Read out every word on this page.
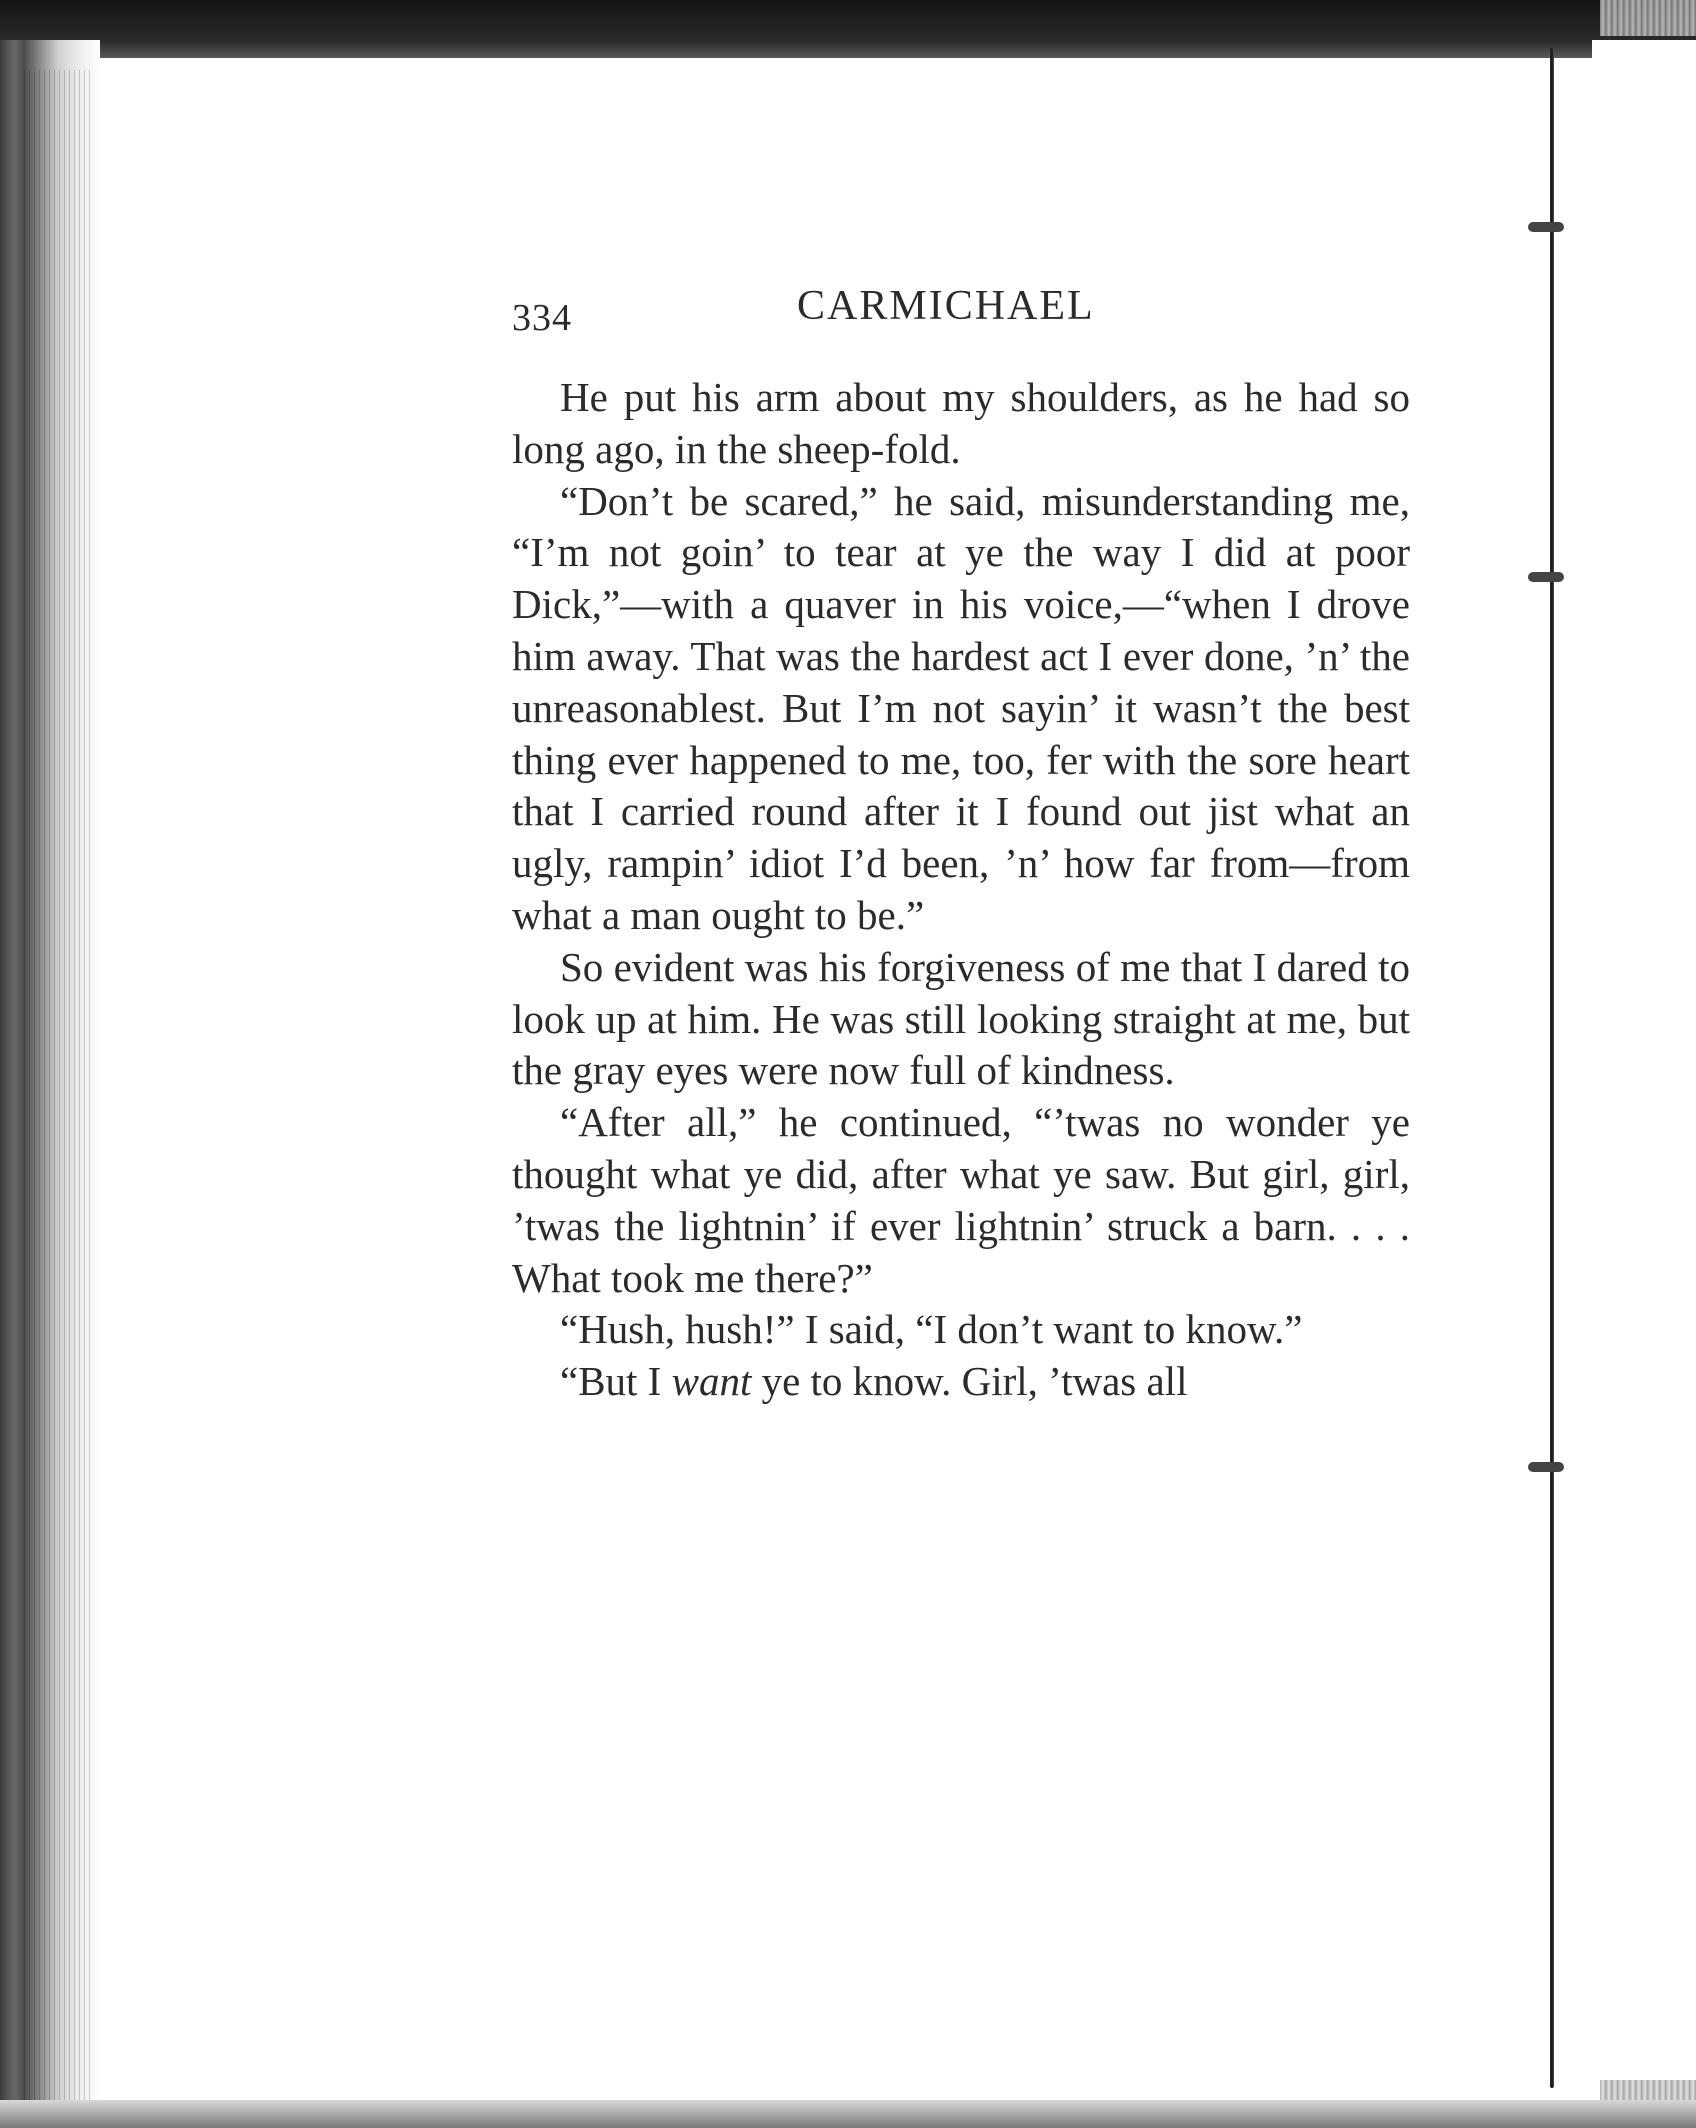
334	CARMICHAEL

He put his arm about my shoulders, as he had so long ago, in the sheep-fold.

“Don’t be scared,” he said, misunderstanding me, “I’m not goin’ to tear at ye the way I did at poor Dick,”—with a quaver in his voice,—“when I drove him away. That was the hardest act I ever done, ’n’ the unreasonablest. But I’m not sayin’ it wasn’t the best thing ever happened to me, too, fer with the sore heart that I carried round after it I found out jist what an ugly, rampin’ idiot I’d been, ’n’ how far from—from what a man ought to be.”

So evident was his forgiveness of me that I dared to look up at him. He was still looking straight at me, but the gray eyes were now full of kindness.

“After all,” he continued, “’twas no wonder ye thought what ye did, after what ye saw. But girl, girl, ’twas the lightnin’ if ever lightnin’ struck a barn. . . . What took me there?”

“Hush, hush!” I said, “I don’t want to know.”

“But I want ye to know. Girl, ’twas all
